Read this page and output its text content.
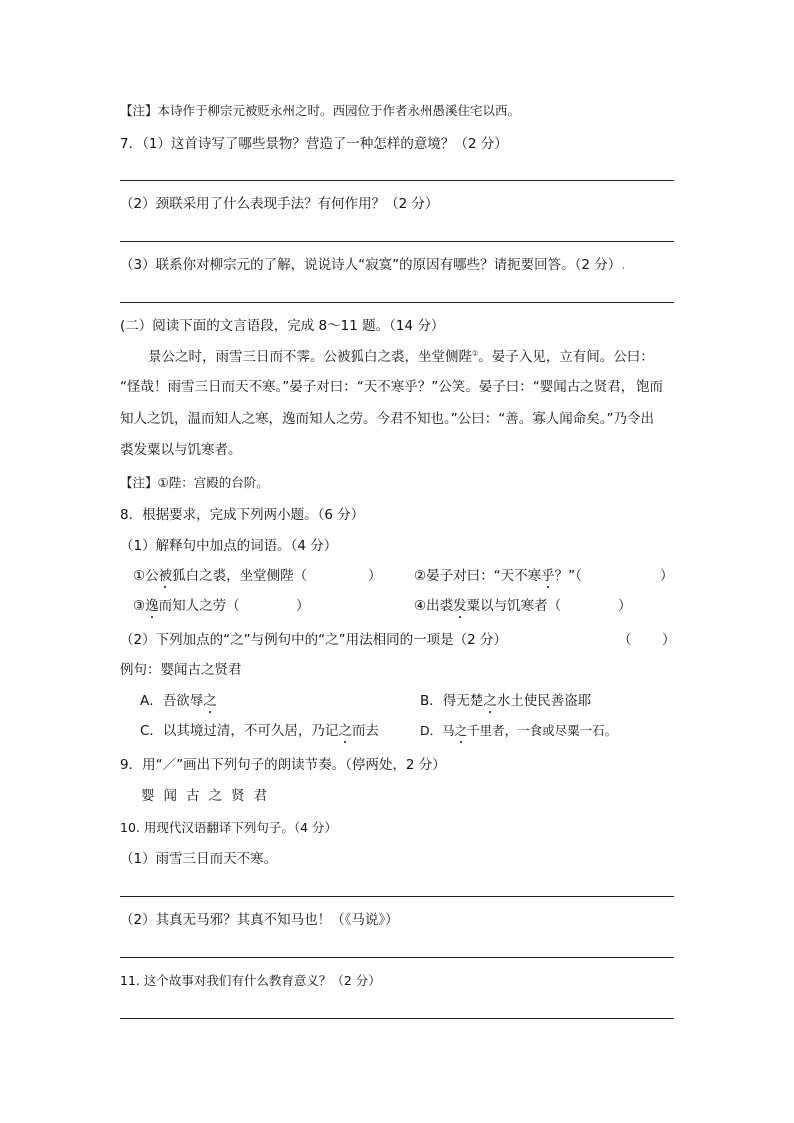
【注】本诗作于柳宗元被贬永州之时。西园位于作者永州愚溪住宅以西。
7．（1）这首诗写了哪些景物？营造了一种怎样的意境？（2 分）
（2）颈联采用了什么表现手法？有何作用？（2 分）
（3）联系你对柳宗元的了解，说说诗人“寂寞”的原因有哪些？请扼要回答。（2 分）.
(二）阅读下面的文言语段，完成 8～11 题。（14 分）
景公之时，雨雪三日而不霁。公被狐白之裘，坐堂侧陛①。晏子入见，立有间。公曰：
“怪哉！雨雪三日而天不寒。”晏子对曰：“天不寒乎？”公笑。晏子曰：“婴闻古之贤君， 饱而
知人之饥，温而知人之寒，逸而知人之劳。今君不知也。”公曰：“善。寡人闻命矣。”乃令出
裘发粟以与饥寒者。
【注】①陛：宫殿的台阶。
8．根据要求，完成下列两小题。（6 分）
（1）解释句中加点的词语。（4 分）
①公被狐白之裘，坐堂侧陛（	） ②晏子对曰：“天不寒乎？”（	）
③逸而知人之劳（	）	④出裘发粟以与饥寒者（	）
（2）下列加点的“之”与例句中的“之”用法相同的一项是（2 分）	（ ）
例句：婴闻古之贤君
A．吾欲辱之	B．得无楚之水土使民善盗耶
C．以其境过清，不可久居，乃记之而去	D．马之千里者，一食或尽粟一石。
9．用“／”画出下列句子的朗读节奏。（停两处，2 分）
婴闻古之贤君
10. 用现代汉语翻译下列句子。（4 分）
（1）雨雪三日而天不寒。
（2）其真无马邪？其真不知马也！（《马说》）
11. 这个故事对我们有什么教育意义？（2 分）
